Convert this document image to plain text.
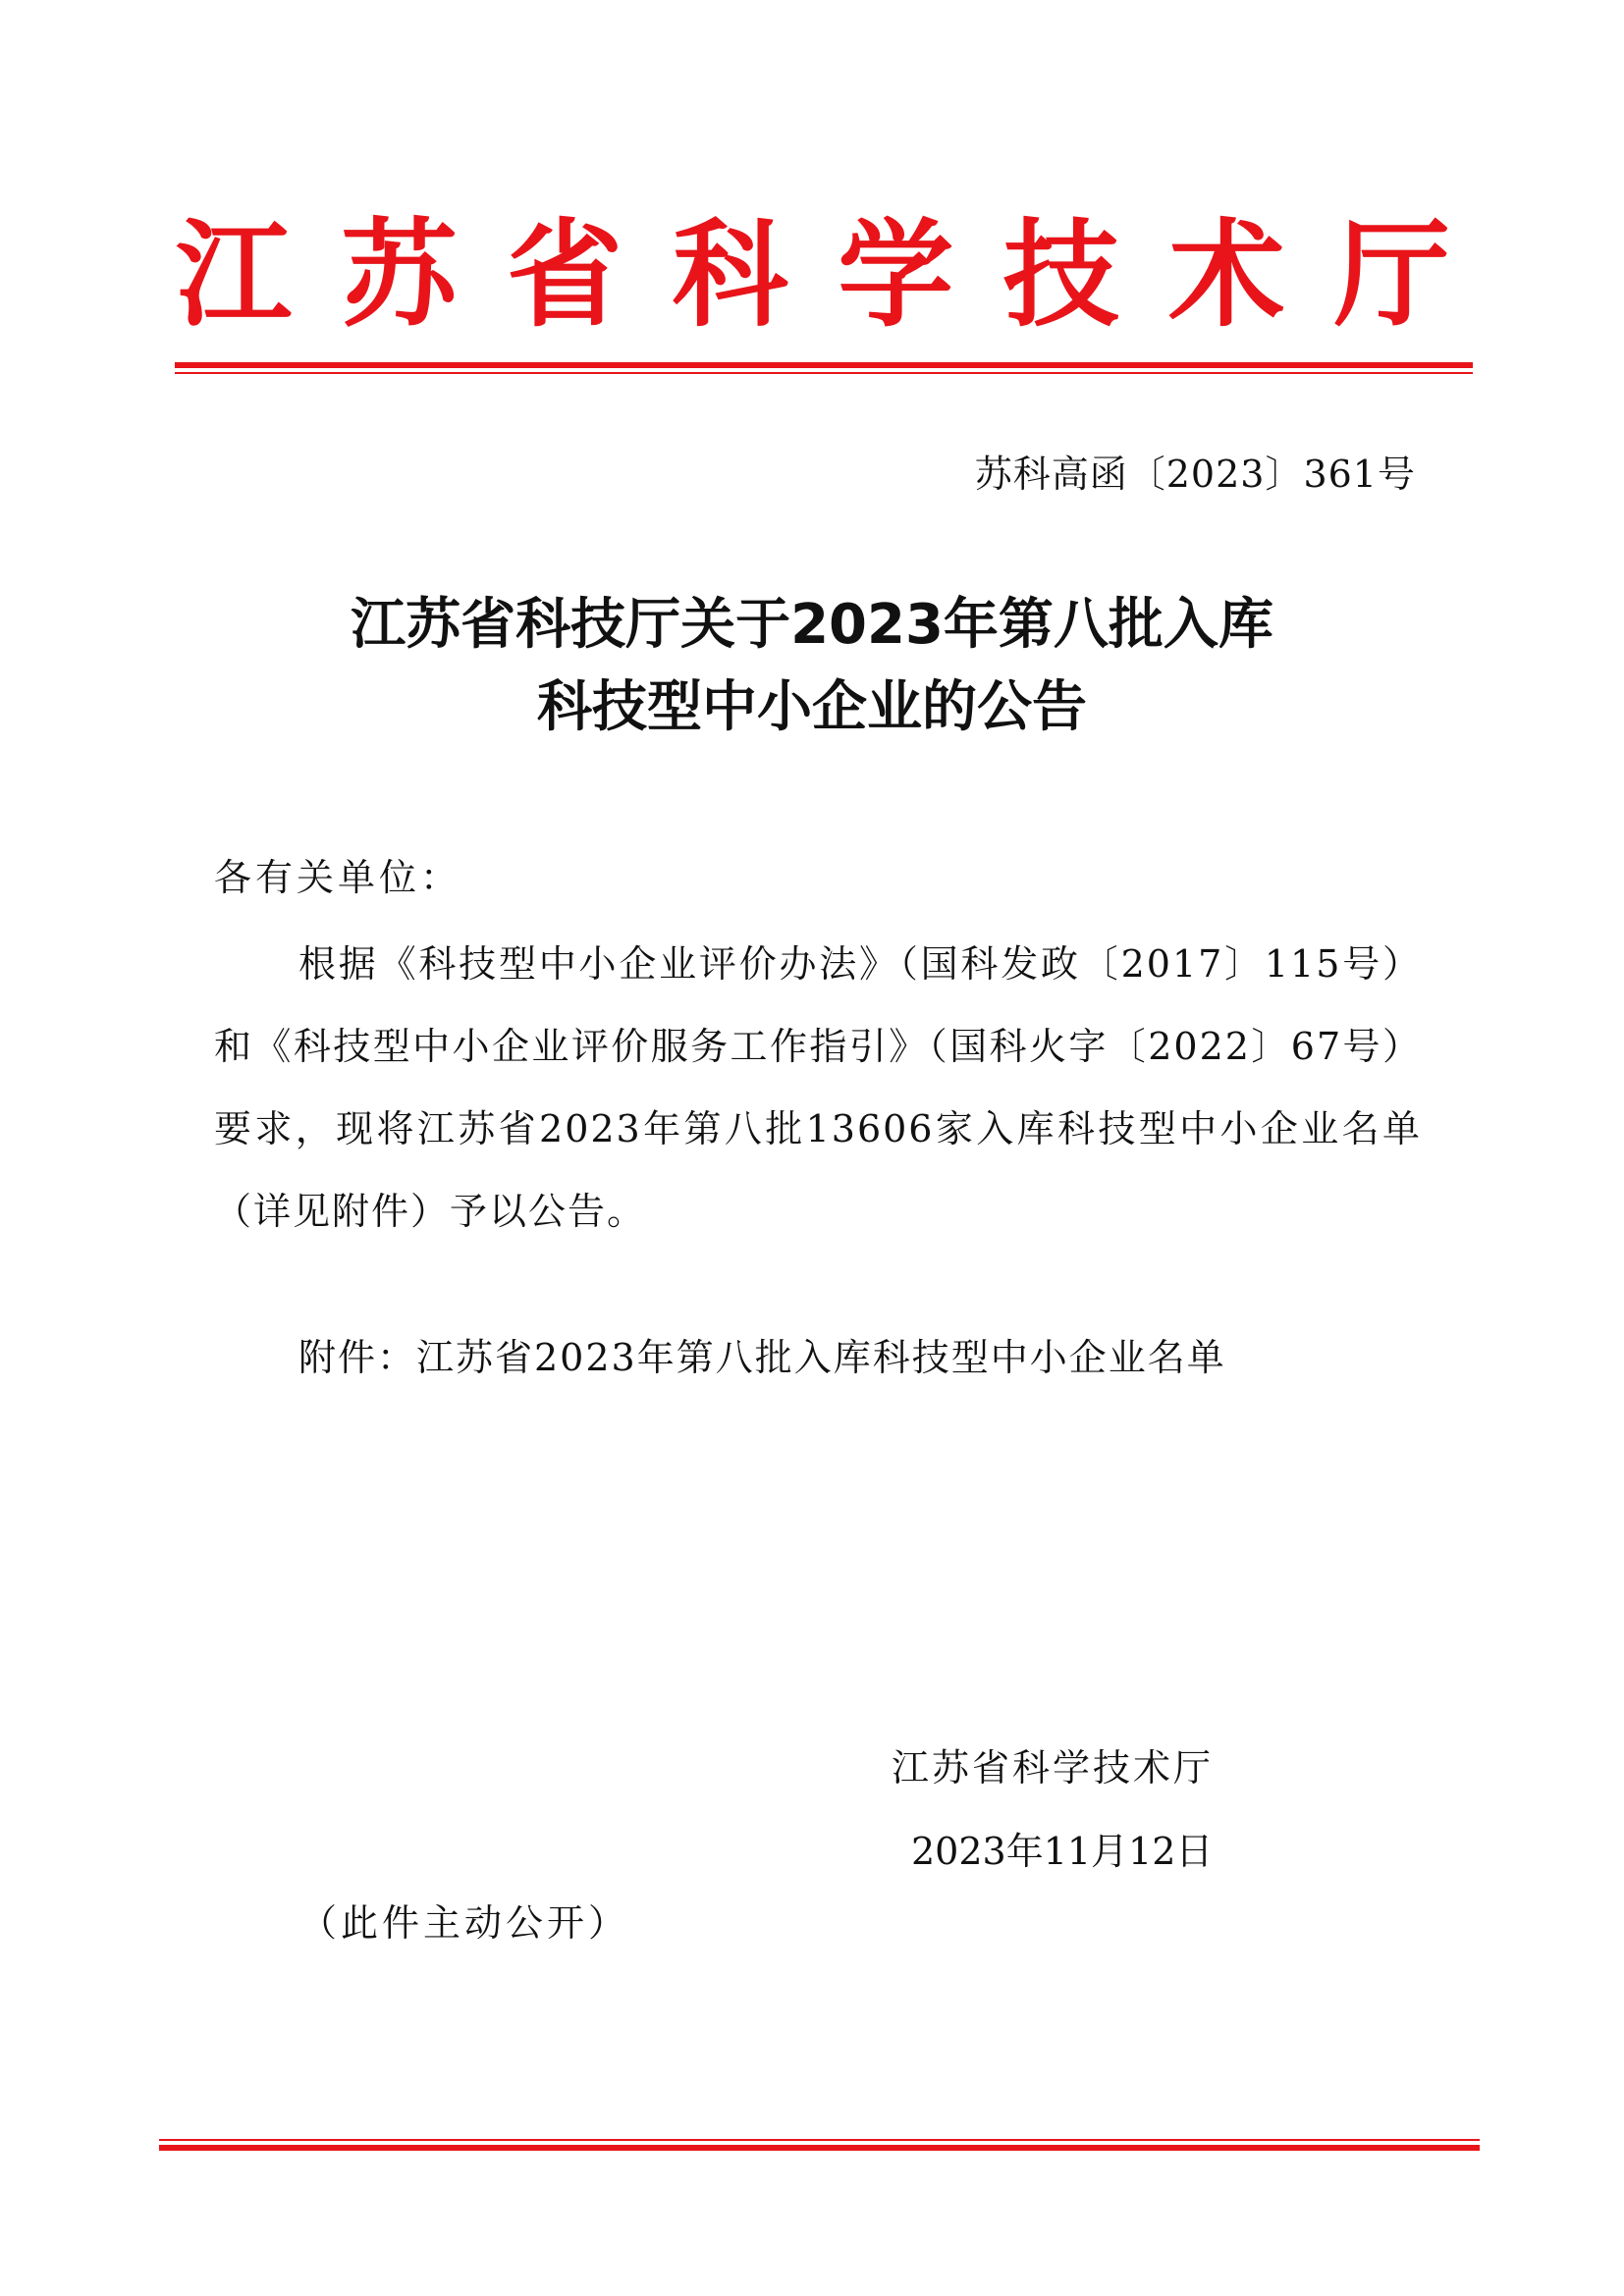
江 苏 省 科 学 技 术 厅
苏科高函〔2023〕361号
江苏省科技厅关于2023年第八批入库
科技型中小企业的公告
各有关单位：
根据《科技型中小企业评价办法》（国科发政〔2017〕115号）和《科技型中小企业评价服务工作指引》（国科火字〔2022〕67号）要求，现将江苏省2023年第八批13606家入库科技型中小企业名单（详见附件）予以公告。
附件：江苏省2023年第八批入库科技型中小企业名单
江苏省科学技术厅
2023年11月12日
（此件主动公开）
